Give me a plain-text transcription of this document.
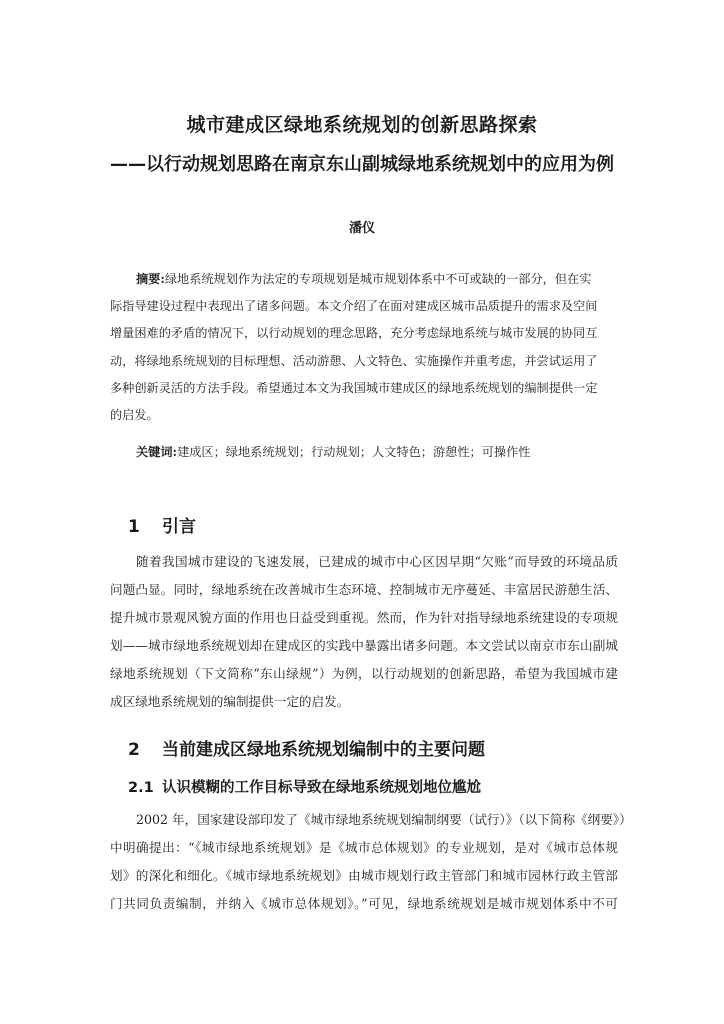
城市建成区绿地系统规划的创新思路探索
——以行动规划思路在南京东山副城绿地系统规划中的应用为例
潘仪
摘要:绿地系统规划作为法定的专项规划是城市规划体系中不可或缺的一部分，但在实
际指导建设过程中表现出了诸多问题。本文介绍了在面对建成区城市品质提升的需求及空间
增量困难的矛盾的情况下，以行动规划的理念思路，充分考虑绿地系统与城市发展的协同互
动，将绿地系统规划的目标理想、活动游憩、人文特色、实施操作并重考虑，并尝试运用了
多种创新灵活的方法手段。希望通过本文为我国城市建成区的绿地系统规划的编制提供一定
的启发。
关键词:建成区；绿地系统规划；行动规划；人文特色；游憩性；可操作性
1 引言
随着我国城市建设的飞速发展，已建成的城市中心区因早期“欠账”而导致的环境品质
问题凸显。同时，绿地系统在改善城市生态环境、控制城市无序蔓延、丰富居民游憩生活、
提升城市景观风貌方面的作用也日益受到重视。然而，作为针对指导绿地系统建设的专项规
划——城市绿地系统规划却在建成区的实践中暴露出诸多问题。本文尝试以南京市东山副城
绿地系统规划（下文简称“东山绿规”）为例，以行动规划的创新思路，希望为我国城市建
成区绿地系统规划的编制提供一定的启发。
2 当前建成区绿地系统规划编制中的主要问题
2.1 认识模糊的工作目标导致在绿地系统规划地位尴尬
2002 年，国家建设部印发了《城市绿地系统规划编制纲要（试行）》（以下简称《纲要》）
中明确提出：“《城市绿地系统规划》是《城市总体规划》的专业规划，是对《城市总体规
划》的深化和细化。《城市绿地系统规划》由城市规划行政主管部门和城市园林行政主管部
门共同负责编制，并纳入《城市总体规划》。”可见，绿地系统规划是城市规划体系中不可
